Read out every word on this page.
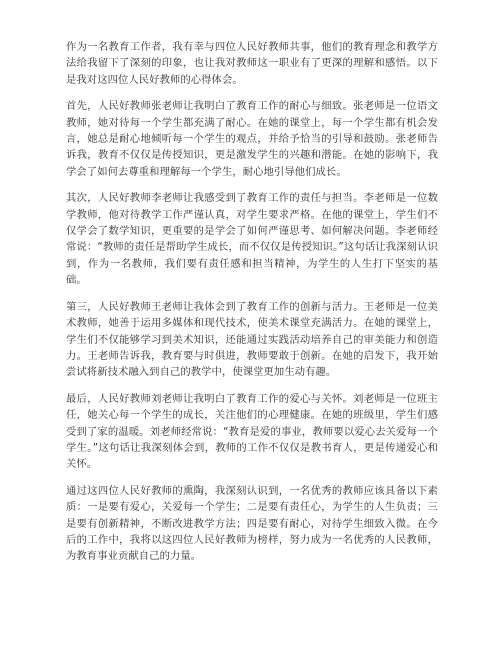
作为一名教育工作者，我有幸与四位人民好教师共事，他们的教育理念和教学方法给我留下了深刻的印象，也让我对教师这一职业有了更深的理解和感悟。以下是我对这四位人民好教师的心得体会。

首先，人民好教师张老师让我明白了教育工作的耐心与细致。张老师是一位语文教师，她对待每一个学生都充满了耐心。在她的课堂上，每一个学生都有机会发言，她总是耐心地倾听每一个学生的观点，并给予恰当的引导和鼓励。张老师告诉我，教育不仅仅是传授知识，更是激发学生的兴趣和潜能。在她的影响下，我学会了如何去尊重和理解每一个学生，耐心地引导他们成长。

其次，人民好教师李老师让我感受到了教育工作的责任与担当。李老师是一位数学教师，他对待教学工作严谨认真，对学生要求严格。在他的课堂上，学生们不仅学会了数学知识，更重要的是学会了如何严谨思考、如何解决问题。李老师经常说：“教师的责任是帮助学生成长，而不仅仅是传授知识。”这句话让我深刻认识到，作为一名教师，我们要有责任感和担当精神，为学生的人生打下坚实的基础。

第三，人民好教师王老师让我体会到了教育工作的创新与活力。王老师是一位美术教师，她善于运用多媒体和现代技术，使美术课堂充满活力。在她的课堂上，学生们不仅能够学习到美术知识，还能通过实践活动培养自己的审美能力和创造力。王老师告诉我，教育要与时俱进，教师要敢于创新。在她的启发下，我开始尝试将新技术融入到自己的教学中，使课堂更加生动有趣。

最后，人民好教师刘老师让我明白了教育工作的爱心与关怀。刘老师是一位班主任，她关心每一个学生的成长，关注他们的心理健康。在她的班级里，学生们感受到了家的温暖。刘老师经常说：“教育是爱的事业，教师要以爱心去关爱每一个学生。”这句话让我深刻体会到，教师的工作不仅仅是教书育人，更是传递爱心和关怀。

通过这四位人民好教师的熏陶，我深刻认识到，一名优秀的教师应该具备以下素质：一是要有爱心，关爱每一个学生；二是要有责任心，为学生的人生负责；三是要有创新精神，不断改进教学方法；四是要有耐心，对待学生细致入微。在今后的工作中，我将以这四位人民好教师为榜样，努力成为一名优秀的人民教师，为教育事业贡献自己的力量。
